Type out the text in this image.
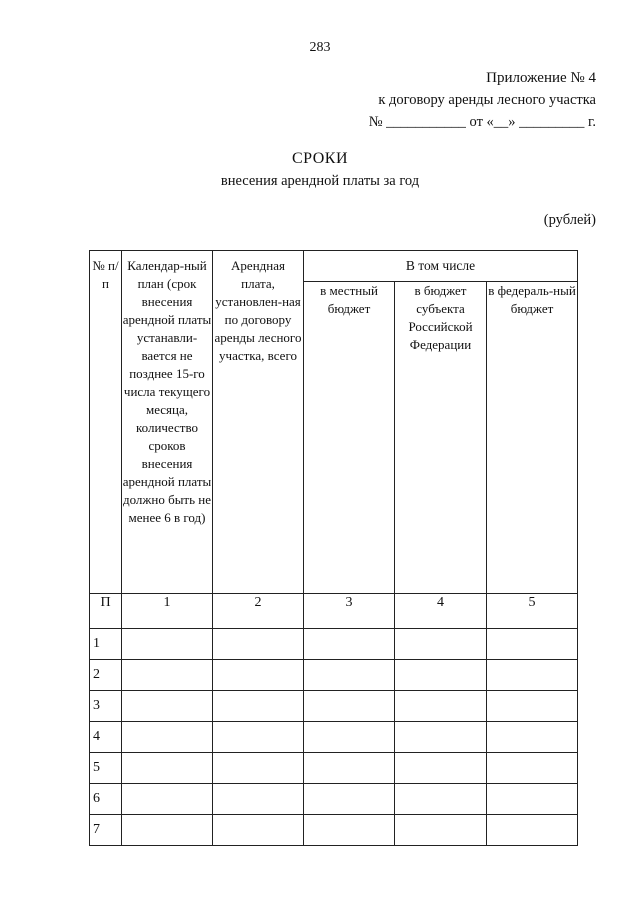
283
Приложение № 4
к договору аренды лесного участка
№ ___________ от «__» _________ г.
СРОКИ
внесения арендной платы за год
(рублей)
№ п/п	Календар-ный план (срок внесения арендной платы устанавли-вается не позднее 15-го числа текущего месяца, количество сроков внесения арендной платы должно быть не менее 6 в год)	Арендная плата, установлен-ная по договору аренды лесного участка, всего	В том числе		
			в местный бюджет	в бюджет субъекта Российской Федерации	в федераль-ный бюджет
П	1	2	3	4	5
1					
2					
3					
4					
5					
6					
7					
